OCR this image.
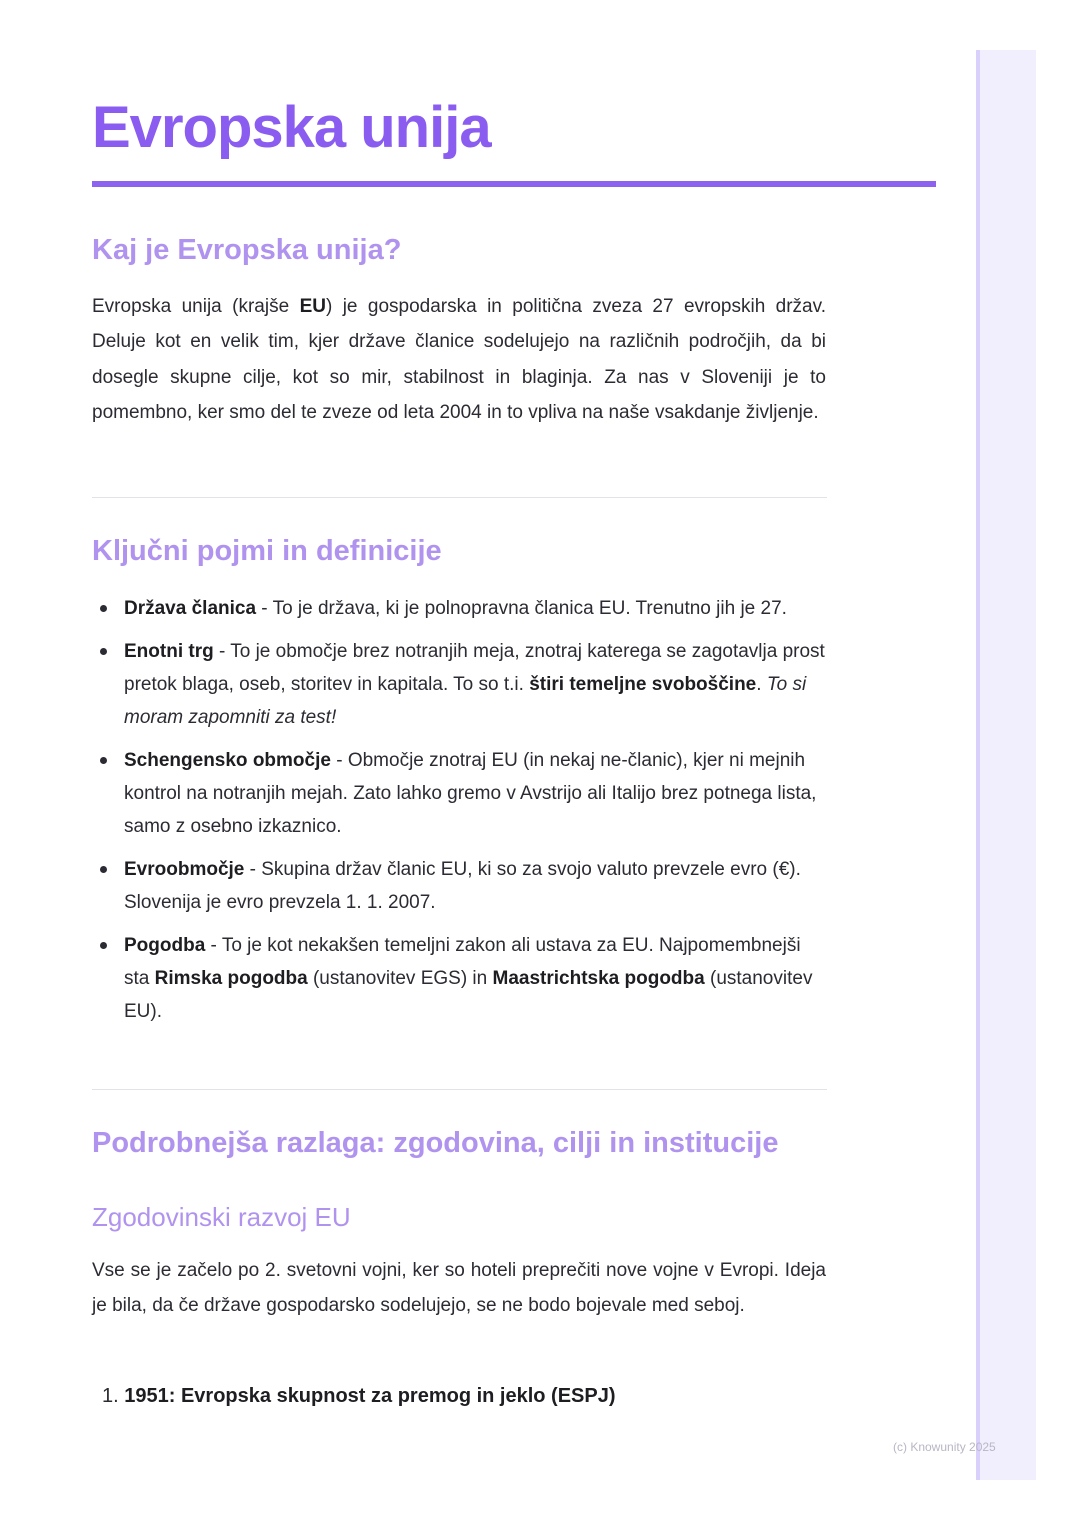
Evropska unija
Kaj je Evropska unija?

Evropska unija (krajše EU) je gospodarska in politična zveza 27 evropskih držav. Deluje kot en velik tim, kjer države članice sodelujejo na različnih področjih, da bi dosegle skupne cilje, kot so mir, stabilnost in blaginja. Za nas v Sloveniji je to pomembno, ker smo del te zveze od leta 2004 in to vpliva na naše vsakdanje življenje.

Ključni pojmi in definicije
Država članica - To je država, ki je polnopravna članica EU. Trenutno jih je 27.
Enotni trg - To je območje brez notranjih meja, znotraj katerega se zagotavlja prost pretok blaga, oseb, storitev in kapitala. To so t.i. štiri temeljne svoboščine. To si moram zapomniti za test!
Schengensko območje - Območje znotraj EU (in nekaj ne-članic), kjer ni mejnih kontrol na notranjih mejah. Zato lahko gremo v Avstrijo ali Italijo brez potnega lista, samo z osebno izkaznico.
Evroobmočje - Skupina držav članic EU, ki so za svojo valuto prevzele evro (€). Slovenija je evro prevzela 1. 1. 2007.
Pogodba - To je kot nekakšen temeljni zakon ali ustava za EU. Najpomembnejši sta Rimska pogodba (ustanovitev EGS) in Maastrichtska pogodba (ustanovitev EU).
Podrobnejša razlaga: zgodovina, cilji in institucije
Zgodovinski razvoj EU

Vse se je začelo po 2. svetovni vojni, ker so hoteli preprečiti nove vojne v Evropi. Ideja je bila, da če države gospodarsko sodelujejo, se ne bodo bojevale med seboj.

1. 1951: Evropska skupnost za premog in jeklo (ESPJ)
(c) Knowunity 2025
